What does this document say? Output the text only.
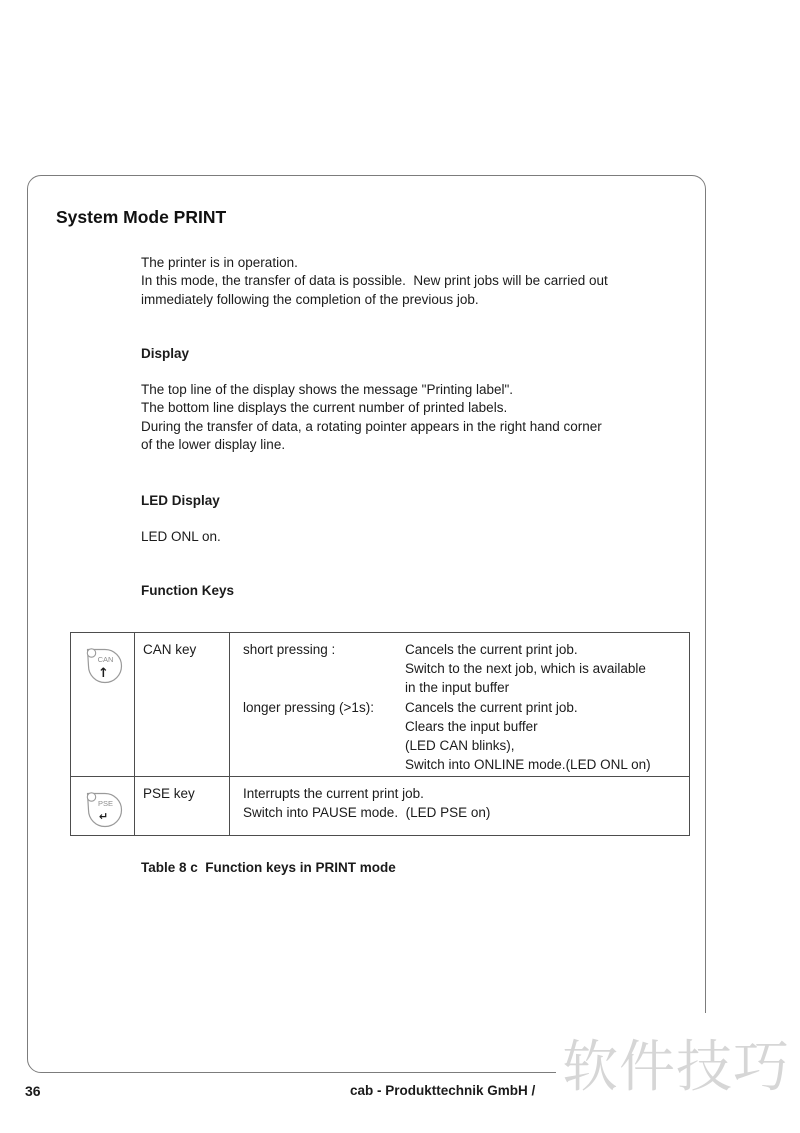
System Mode PRINT
The printer is in operation.
In this mode, the transfer of data is possible.  New print jobs will be carried out
immediately following the completion of the previous job.
Display
The top line of the display shows the message "Printing label".
The bottom line displays the current number of printed labels.
During the transfer of data, a rotating pointer appears in the right hand corner
of the lower display line.
LED Display
LED ONL on.
Function Keys
CAN
↑
CAN key	short pressing :	Cancels the current print job.
Switch to the next job, which is available
in the input buffer
longer pressing (>1s):	Cancels the current print job.
Clears the input buffer
(LED CAN blinks),
Switch into ONLINE mode.(LED ONL on)
PSE
↵
PSE key	Interrupts the current print job.
Switch into PAUSE mode.  (LED PSE on)
Table 8 c  Function keys in PRINT mode
36	cab - Produkttechnik GmbH / 软件技巧
